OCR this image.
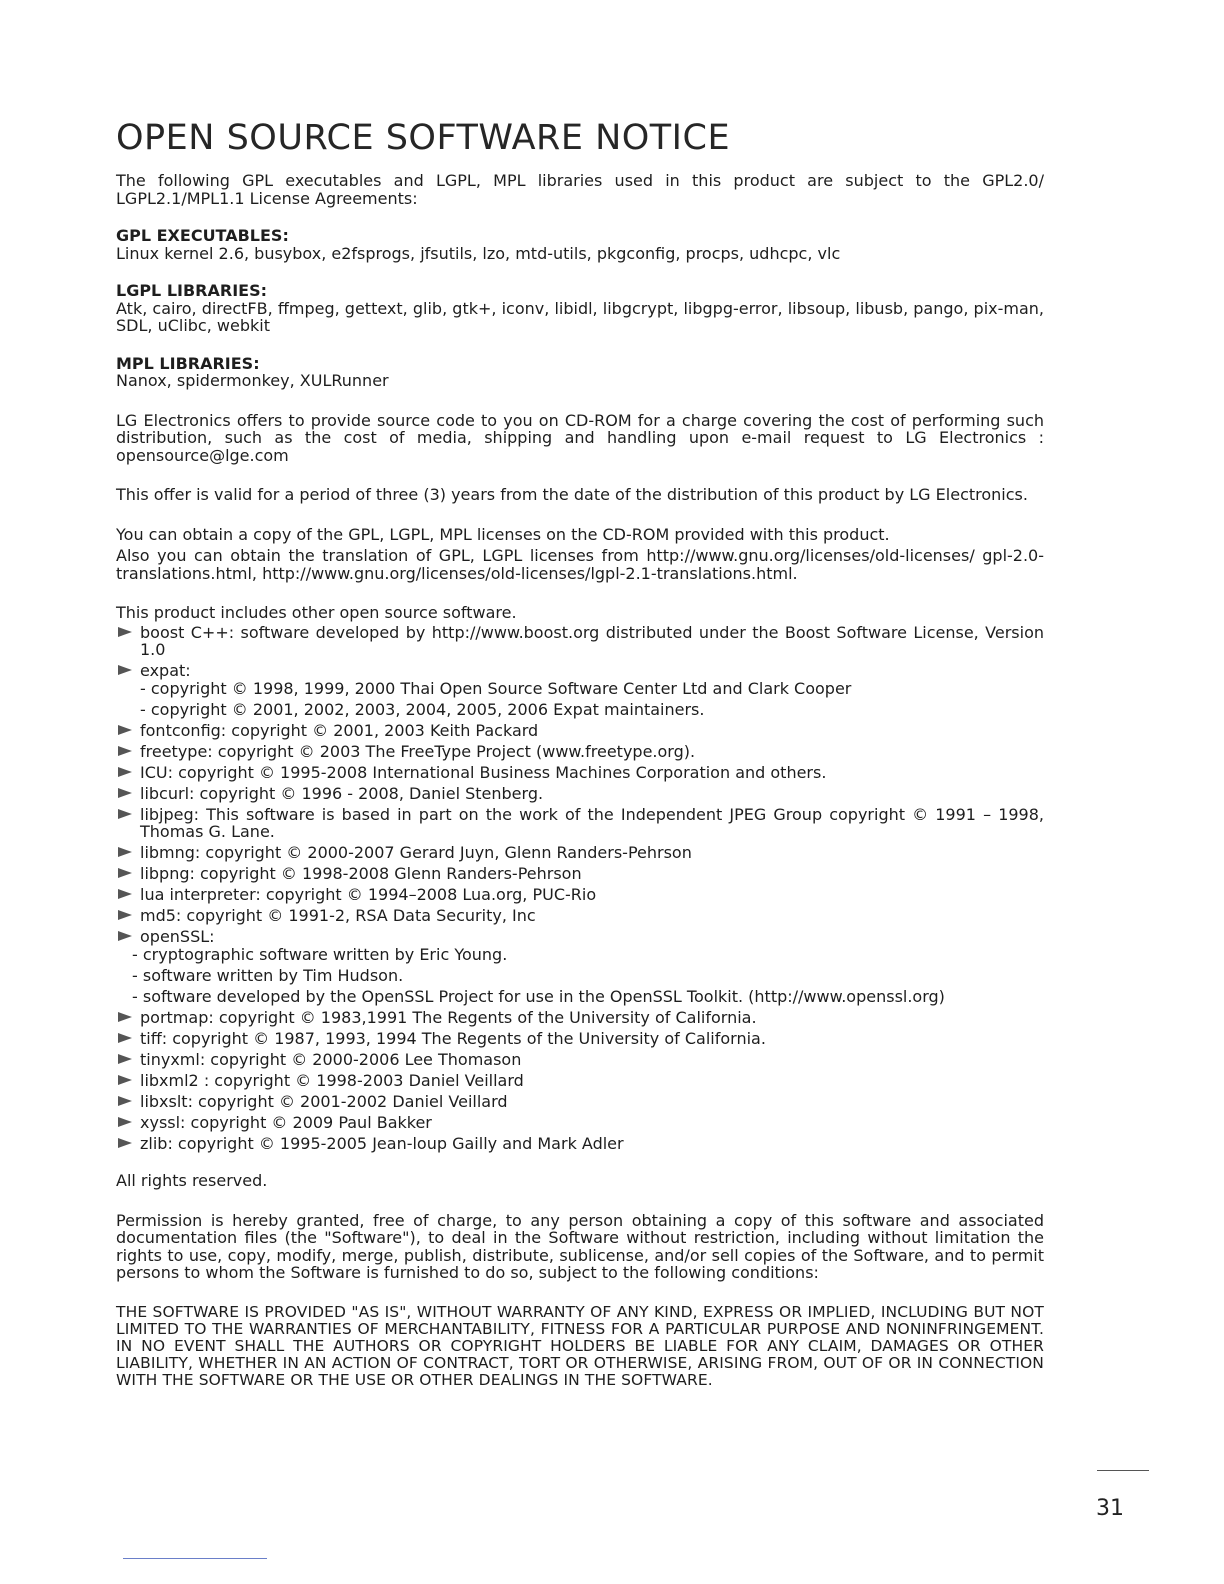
OPEN SOURCE SOFTWARE NOTICE

The following GPL executables and LGPL, MPL libraries used in this product are subject to the GPL2.0/ LGPL2.1/MPL1.1 License Agreements:

GPL EXECUTABLES:

Linux kernel 2.6, busybox, e2fsprogs, jfsutils, lzo, mtd-utils, pkgconfig, procps, udhcpc, vlc

LGPL LIBRARIES:

Atk, cairo, directFB, ffmpeg, gettext, glib, gtk+, iconv, libidl, libgcrypt, libgpg-error, libsoup, libusb, pango, pix-man, SDL, uClibc, webkit

MPL LIBRARIES:

Nanox, spidermonkey, XULRunner

LG Electronics offers to provide source code to you on CD-ROM for a charge covering the cost of performing such distribution, such as the cost of media, shipping and handling upon e-mail request to LG Electronics : opensource@lge.com

This offer is valid for a period of three (3) years from the date of the distribution of this product by LG Electronics.

You can obtain a copy of the GPL, LGPL, MPL licenses on the CD-ROM provided with this product.

Also you can obtain the translation of GPL, LGPL licenses from http://www.gnu.org/licenses/old-licenses/ gpl-2.0-translations.html, http://www.gnu.org/licenses/old-licenses/lgpl-2.1-translations.html.

This product includes other open source software.

boost C++: software developed by http://www.boost.org distributed under the Boost Software License, Version 1.0
expat:
- copyright © 1998, 1999, 2000 Thai Open Source Software Center Ltd and Clark Cooper
- copyright © 2001, 2002, 2003, 2004, 2005, 2006 Expat maintainers.
fontconfig: copyright © 2001, 2003 Keith Packard
freetype: copyright © 2003 The FreeType Project (www.freetype.org).
ICU: copyright © 1995-2008 International Business Machines Corporation and others.
libcurl: copyright © 1996 - 2008, Daniel Stenberg.
libjpeg: This software is based in part on the work of the Independent JPEG Group copyright © 1991 – 1998, Thomas G. Lane.
libmng: copyright © 2000-2007 Gerard Juyn, Glenn Randers-Pehrson
libpng: copyright © 1998-2008 Glenn Randers-Pehrson
lua interpreter: copyright © 1994–2008 Lua.org, PUC-Rio
md5: copyright © 1991-2, RSA Data Security, Inc
openSSL:
- cryptographic software written by Eric Young.
- software written by Tim Hudson.
- software developed by the OpenSSL Project for use in the OpenSSL Toolkit. (http://www.openssl.org)
portmap: copyright © 1983,1991 The Regents of the University of California.
tiff: copyright © 1987, 1993, 1994 The Regents of the University of California.
tinyxml: copyright © 2000-2006 Lee Thomason
libxml2 : copyright © 1998-2003 Daniel Veillard
libxslt: copyright © 2001-2002 Daniel Veillard
xyssl: copyright © 2009 Paul Bakker
zlib: copyright © 1995-2005 Jean-loup Gailly and Mark Adler

All rights reserved.

Permission is hereby granted, free of charge, to any person obtaining a copy of this software and associated documentation files (the "Software"), to deal in the Software without restriction, including without limitation the rights to use, copy, modify, merge, publish, distribute, sublicense, and/or sell copies of the Software, and to permit persons to whom the Software is furnished to do so, subject to the following conditions:

THE SOFTWARE IS PROVIDED "AS IS", WITHOUT WARRANTY OF ANY KIND, EXPRESS OR IMPLIED, INCLUDING BUT NOT LIMITED TO THE WARRANTIES OF MERCHANTABILITY, FITNESS FOR A PARTICULAR PURPOSE AND NONINFRINGEMENT. IN NO EVENT SHALL THE AUTHORS OR COPYRIGHT HOLDERS BE LIABLE FOR ANY CLAIM, DAMAGES OR OTHER LIABILITY, WHETHER IN AN ACTION OF CONTRACT, TORT OR OTHERWISE, ARISING FROM, OUT OF OR IN CONNECTION WITH THE SOFTWARE OR THE USE OR OTHER DEALINGS IN THE SOFTWARE.

31
